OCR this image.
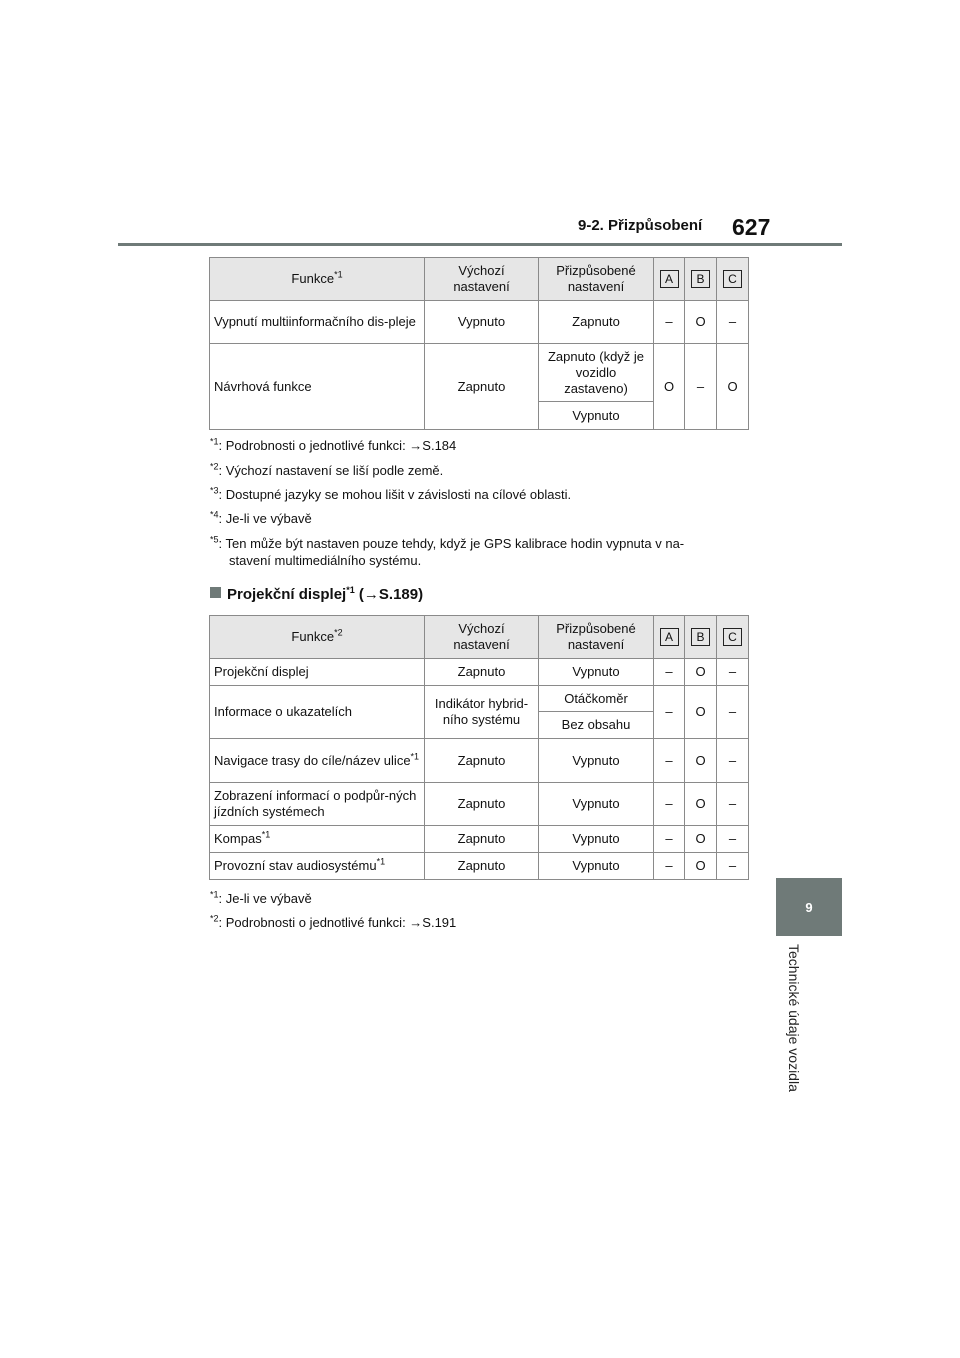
9-2. Přizpůsobení 627
9
Technické údaje vozidla
Funkce$^{*1}$	Výchozí nastavení	Přizpůsobené nastavení	A	B	C
Vypnutí multiinformačního dis-pleje	Vypnuto	Zapnuto	–	O	–
Návrhová funkce	Zapnuto	Zapnuto (když je vozidlo zastaveno)	O	–	O
		Vypnuto			
$^{*1}$: Podrobnosti o jednotlivé funkci: →S.184
$^{*2}$: Výchozí nastavení se liší podle země.
$^{*3}$: Dostupné jazyky se mohou lišit v závislosti na cílové oblasti.
$^{*4}$: Je-li ve výbavě
$^{*5}$: Ten může být nastaven pouze tehdy, když je GPS kalibrace hodin vypnuta v na-
stavení multimediálního systému.
Projekční displej$^{*1}$ (→S.189)
Funkce$^{*2}$	Výchozí nastavení	Přizpůsobené nastavení	A	B	C
Projekční displej	Zapnuto	Vypnuto	–	O	–
Informace o ukazatelích	Indikátor hybrid-ního systému	Otáčkoměr	–	O	–
		Bez obsahu			
Navigace trasy do cíle/název ulice$^{*1}$	Zapnuto	Vypnuto	–	O	–
Zobrazení informací o podpůr-ných jízdních systémech	Zapnuto	Vypnuto	–	O	–
Kompas$^{*1}$	Zapnuto	Vypnuto	–	O	–
Provozní stav audiosystému$^{*1}$	Zapnuto	Vypnuto	–	O	–
$^{*1}$: Je-li ve výbavě
$^{*2}$: Podrobnosti o jednotlivé funkci: →S.191
